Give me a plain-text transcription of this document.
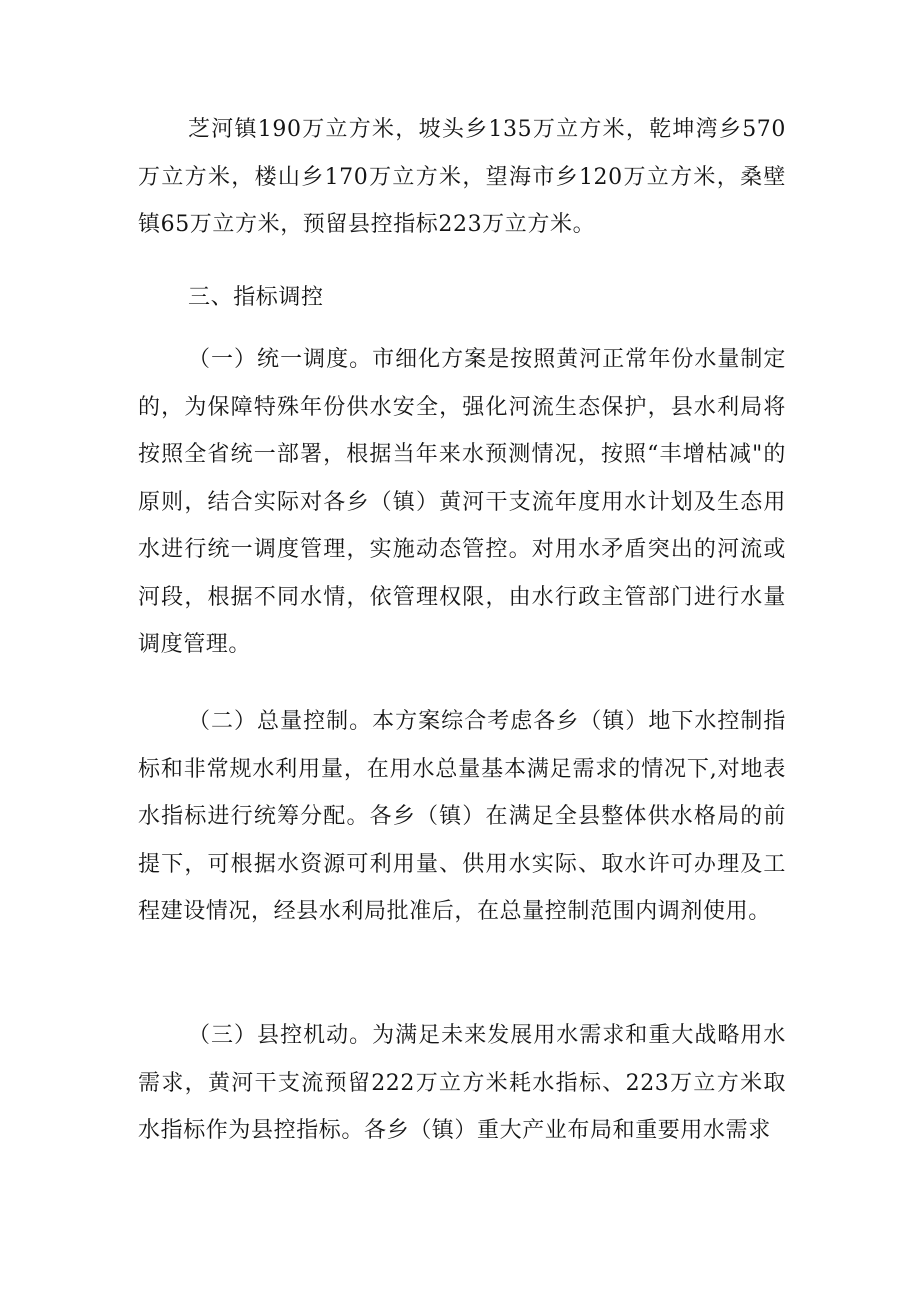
芝河镇190万立方米，坡头乡135万立方米，乾坤湾乡570万立方米，楼山乡170万立方米，望海市乡120万立方米，桑壁镇65万立方米，预留县控指标223万立方米。

三、指标调控

（一）统一调度。市细化方案是按照黄河正常年份水量制定的，为保障特殊年份供水安全，强化河流生态保护，县水利局将按照全省统一部署，根据当年来水预测情况，按照“丰增枯减"的原则，结合实际对各乡（镇）黄河干支流年度用水计划及生态用水进行统一调度管理，实施动态管控。对用水矛盾突出的河流或河段，根据不同水情，依管理权限，由水行政主管部门进行水量调度管理。

（二）总量控制。本方案综合考虑各乡（镇）地下水控制指标和非常规水利用量，在用水总量基本满足需求的情况下,对地表水指标进行统筹分配。各乡（镇）在满足全县整体供水格局的前提下，可根据水资源可利用量、供用水实际、取水许可办理及工程建设情况，经县水利局批准后，在总量控制范围内调剂使用。

（三）县控机动。为满足未来发展用水需求和重大战略用水需求，黄河干支流预留222万立方米耗水指标、223万立方米取水指标作为县控指标。各乡（镇）重大产业布局和重要用水需求
